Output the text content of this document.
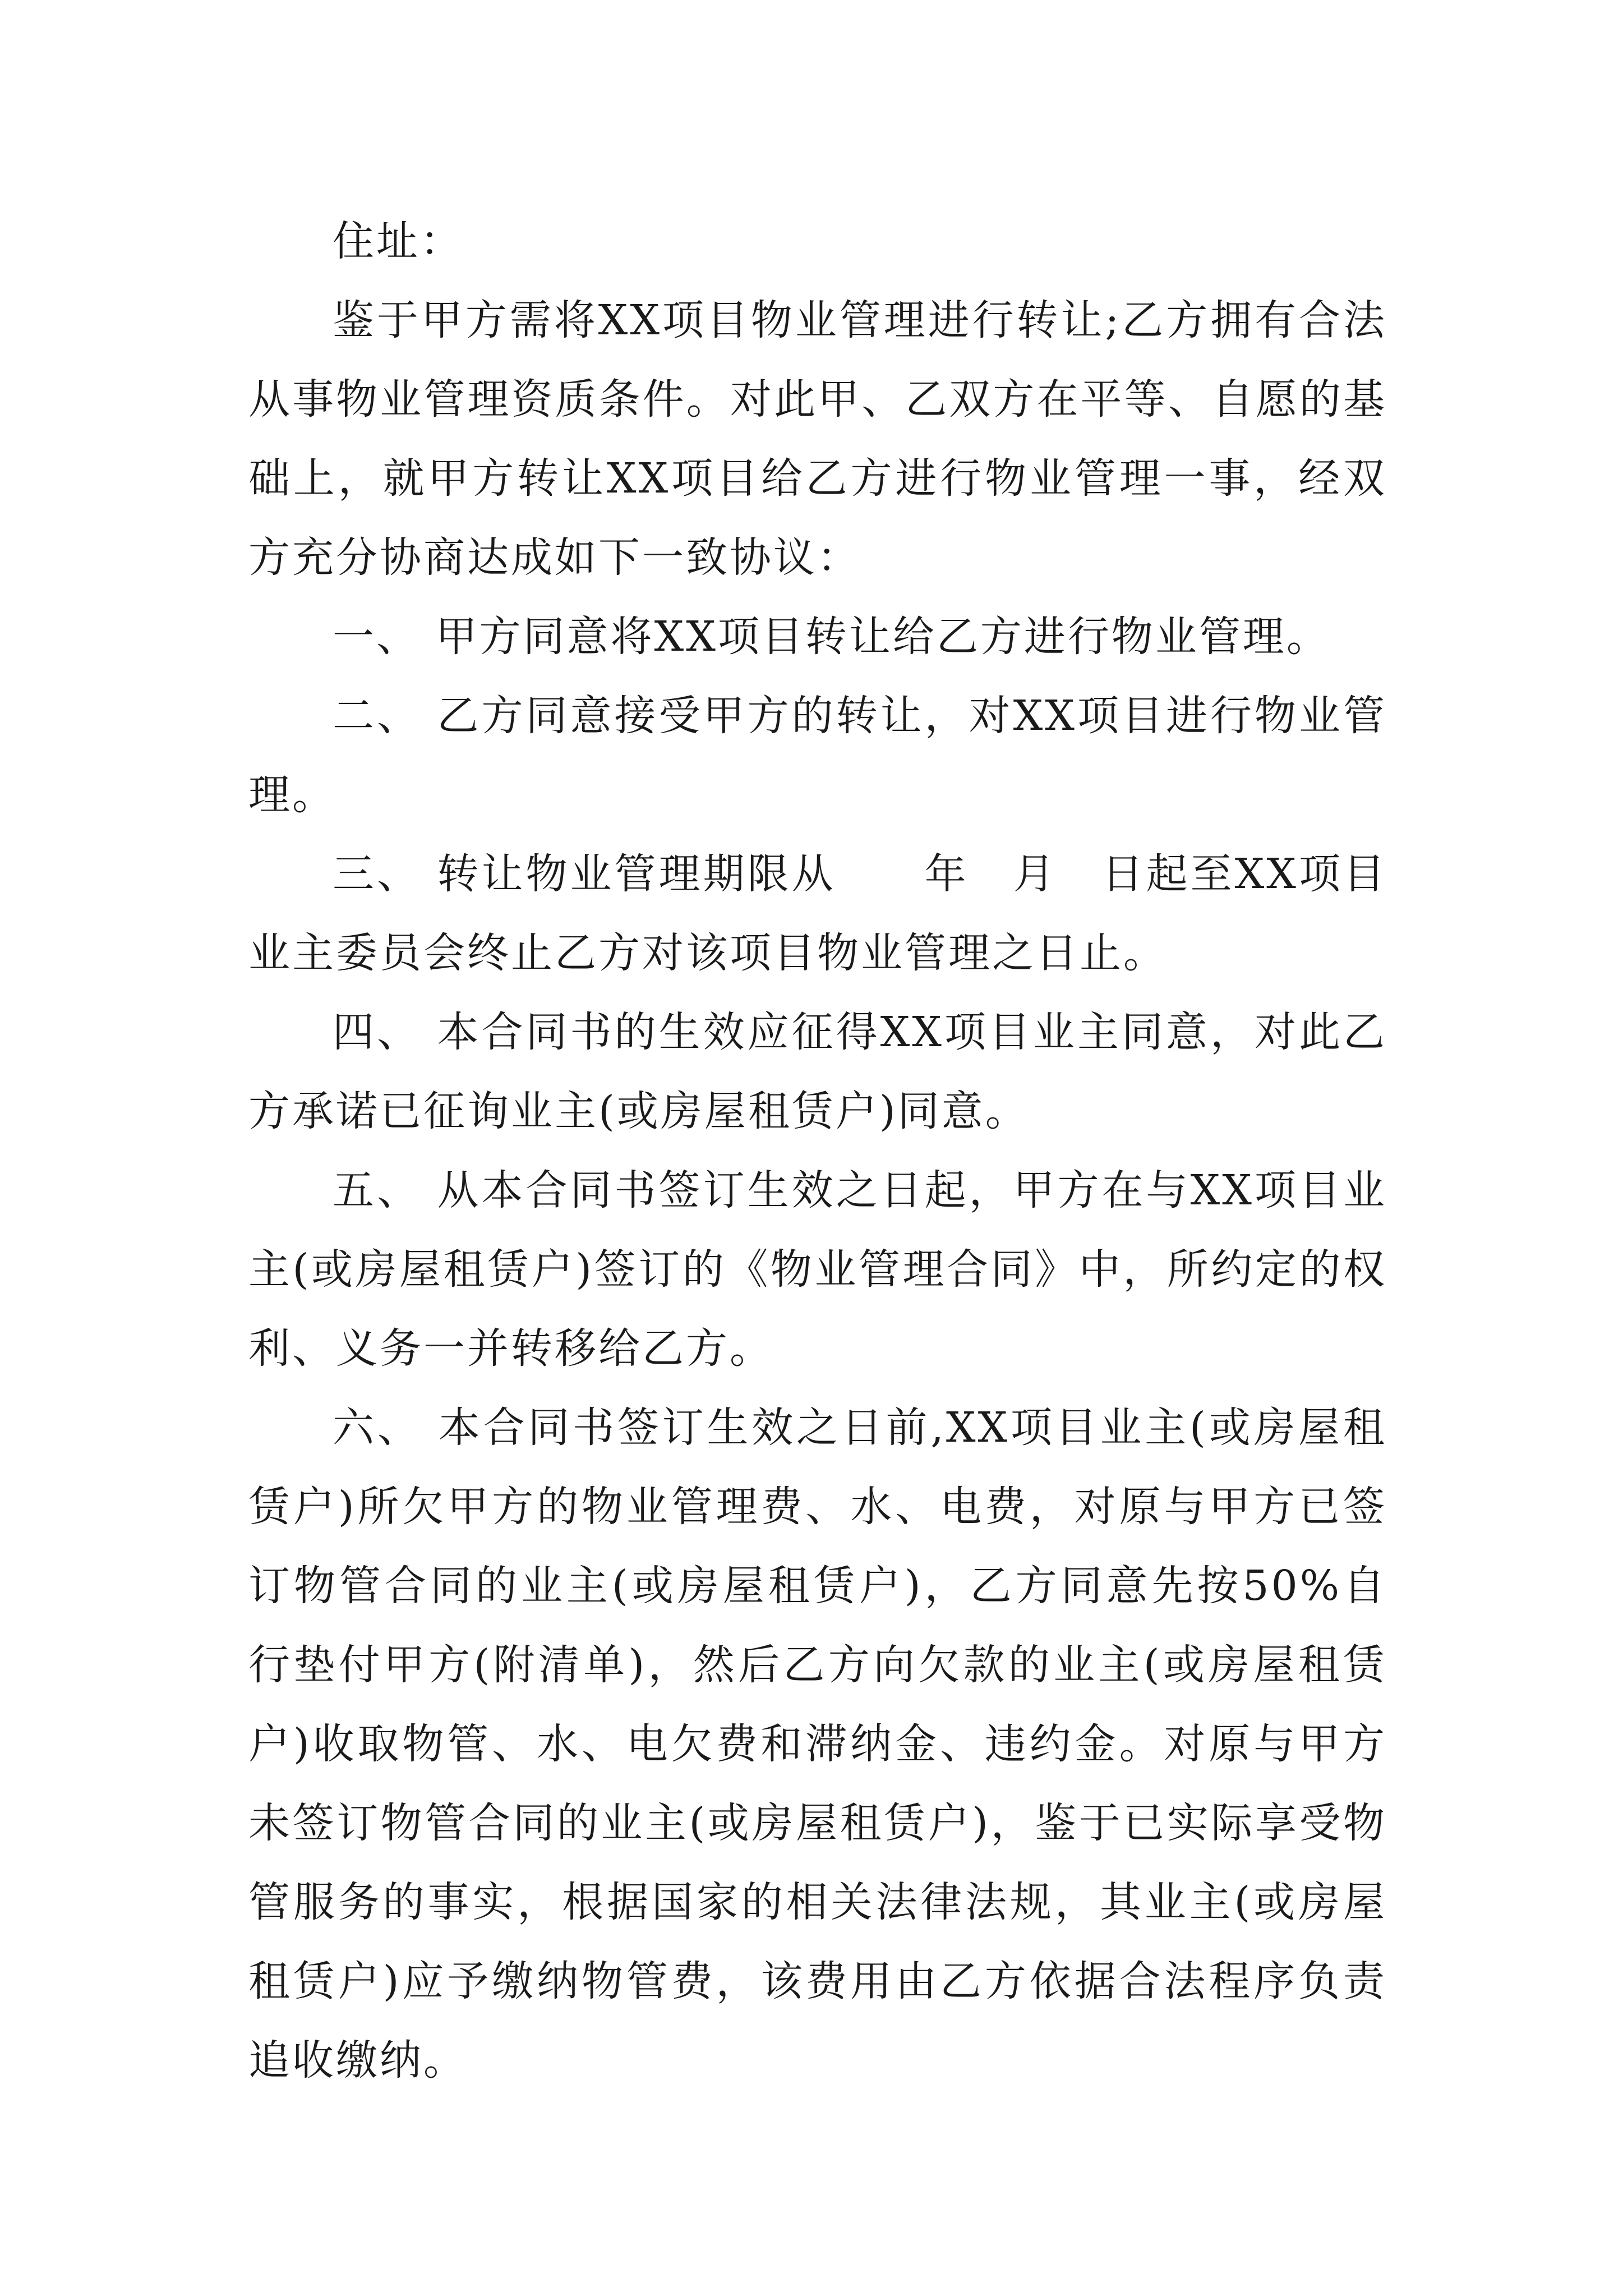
住址：

鉴于甲方需将XX项目物业管理进行转让;乙方拥有合法从事物业管理资质条件。对此甲、乙双方在平等、自愿的基础上，就甲方转让XX项目给乙方进行物业管理一事，经双方充分协商达成如下一致协议：

一、 甲方同意将XX项目转让给乙方进行物业管理。

二、 乙方同意接受甲方的转让，对XX项目进行物业管理。

三、 转让物业管理期限从　　年　月　日起至XX项目业主委员会终止乙方对该项目物业管理之日止。

四、 本合同书的生效应征得XX项目业主同意，对此乙方承诺已征询业主(或房屋租赁户)同意。

五、 从本合同书签订生效之日起，甲方在与XX项目业主(或房屋租赁户)签订的《物业管理合同》中，所约定的权利、义务一并转移给乙方。

六、 本合同书签订生效之日前,XX项目业主(或房屋租赁户)所欠甲方的物业管理费、水、电费，对原与甲方已签订物管合同的业主(或房屋租赁户)，乙方同意先按50%自行垫付甲方(附清单)，然后乙方向欠款的业主(或房屋租赁户)收取物管、水、电欠费和滞纳金、违约金。对原与甲方未签订物管合同的业主(或房屋租赁户)，鉴于已实际享受物管服务的事实，根据国家的相关法律法规，其业主(或房屋租赁户)应予缴纳物管费，该费用由乙方依据合法程序负责追收缴纳。
